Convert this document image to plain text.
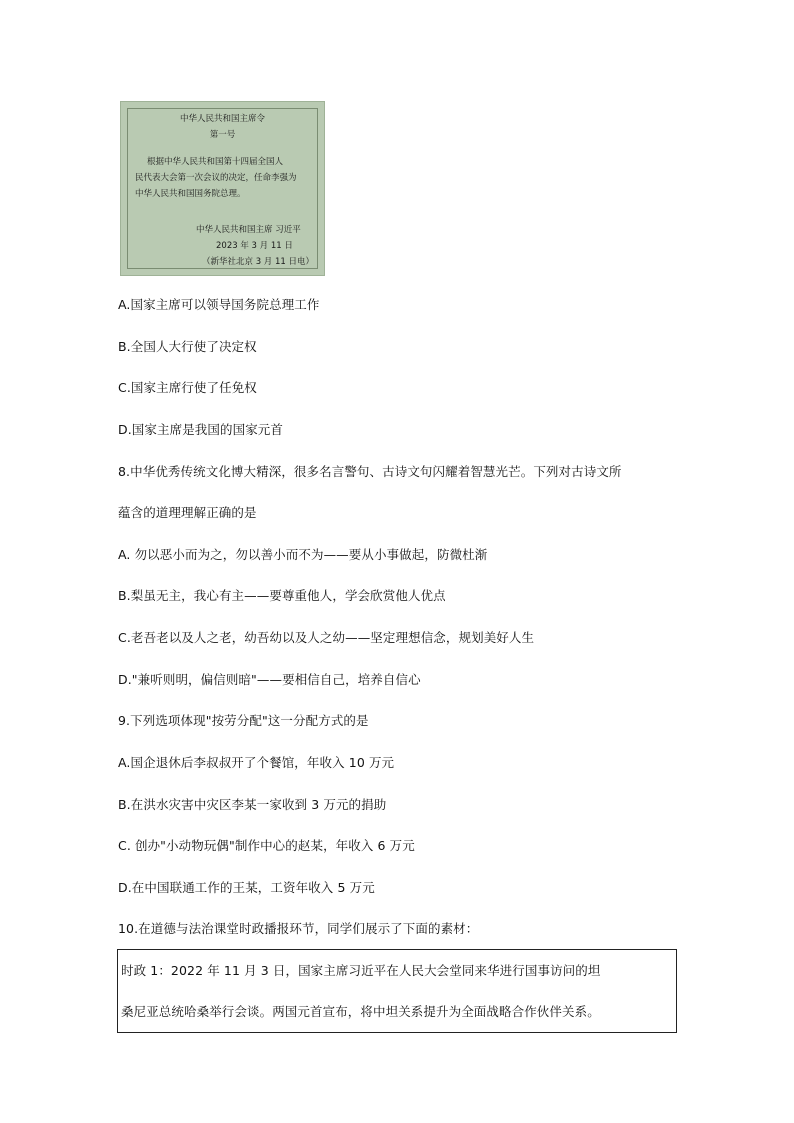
中华人民共和国主席令
第一号
根据中华人民共和国第十四届全国人
民代表大会第一次会议的决定，任命李强为
中华人民共和国国务院总理。
中华人民共和国主席 习近平
2023 年 3 月 11 日
（新华社北京 3 月 11 日电）
A.国家主席可以领导国务院总理工作
B.全国人大行使了决定权
C.国家主席行使了任免权
D.国家主席是我国的国家元首
8.中华优秀传统文化博大精深，很多名言警句、古诗文句闪耀着智慧光芒。下列对古诗文所
蕴含的道理理解正确的是
A. 勿以恶小而为之，勿以善小而不为——要从小事做起，防微杜渐
B.梨虽无主，我心有主——要尊重他人，学会欣赏他人优点
C.老吾老以及人之老，幼吾幼以及人之幼——坚定理想信念，规划美好人生
D."兼听则明，偏信则暗"——要相信自己，培养自信心
9.下列选项体现"按劳分配"这一分配方式的是
A.国企退休后李叔叔开了个餐馆，年收入 10 万元
B.在洪水灾害中灾区李某一家收到 3 万元的捐助
C. 创办"小动物玩偶"制作中心的赵某，年收入 6 万元
D.在中国联通工作的王某，工资年收入 5 万元
10.在道德与法治课堂时政播报环节，同学们展示了下面的素材：
时政 1：2022 年 11 月 3 日，国家主席习近平在人民大会堂同来华进行国事访问的坦
桑尼亚总统哈桑举行会谈。两国元首宣布，将中坦关系提升为全面战略合作伙伴关系。
